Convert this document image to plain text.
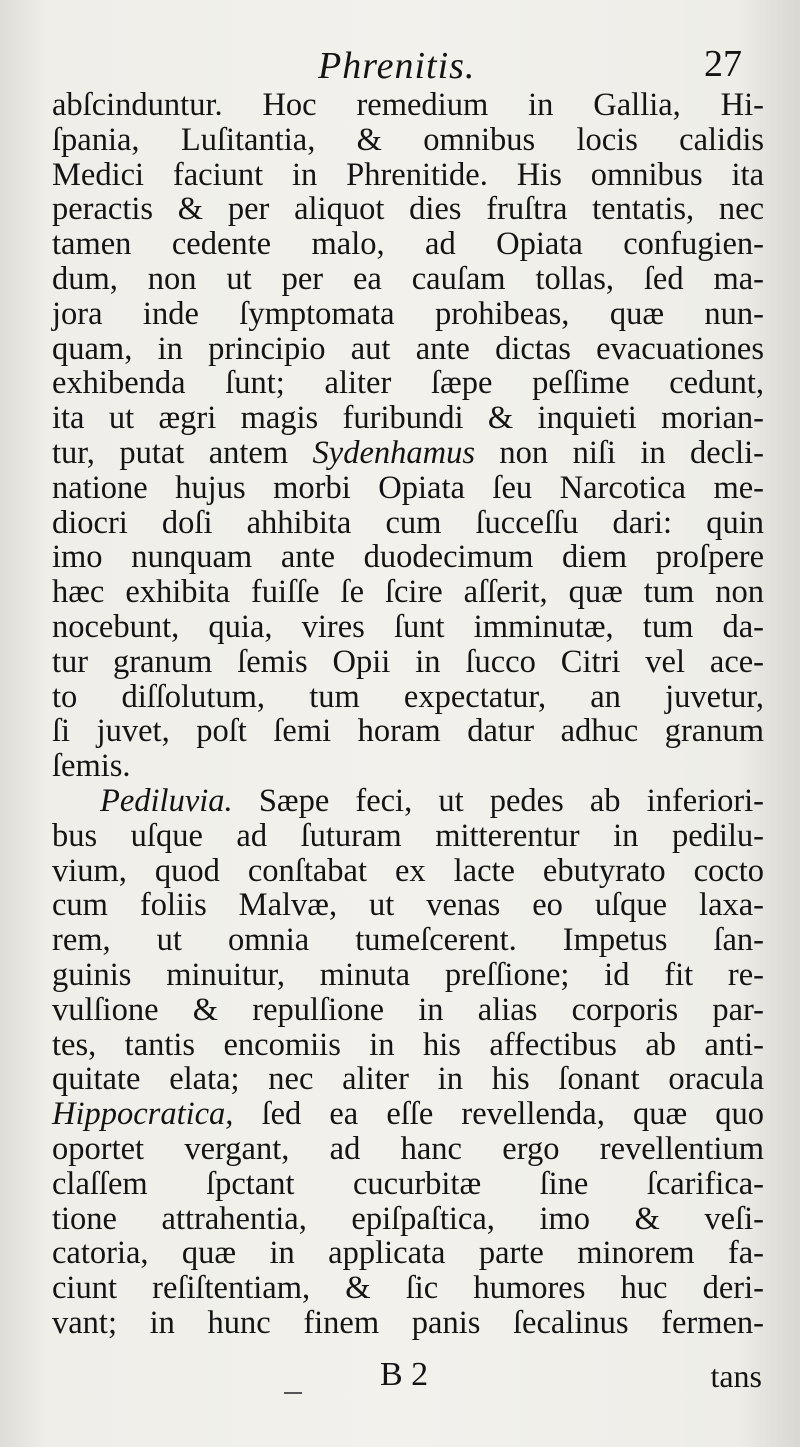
Phrenitis.	27
abſcinduntur. Hoc remedium in Gallia, Hi-
ſpania, Luſitantia, & omnibus locis calidis
Medici faciunt in Phrenitide. His omnibus ita
peractis & per aliquot dies fruſtra tentatis, nec
tamen cedente malo, ad Opiata confugien-
dum, non ut per ea cauſam tollas, ſed ma-
jora inde ſymptomata prohibeas, quæ nun-
quam, in principio aut ante dictas evacuationes
exhibenda ſunt; aliter ſæpe peſſime cedunt,
ita ut ægri magis furibundi & inquieti morian-
tur, putat antem Sydenhamus non niſi in decli-
natione hujus morbi Opiata ſeu Narcotica me-
diocri doſi ahhibita cum ſucceſſu dari: quin
imo nunquam ante duodecimum diem proſpere
hæc exhibita fuiſſe ſe ſcire aſſerit, quæ tum non
nocebunt, quia, vires ſunt imminutæ, tum da-
tur granum ſemis Opii in ſucco Citri vel ace-
to diſſolutum, tum expectatur, an juvetur,
ſi juvet, poſt ſemi horam datur adhuc granum
ſemis.
Pediluvia. Sæpe feci, ut pedes ab inferiori-
bus uſque ad ſuturam mitterentur in pedilu-
vium, quod conſtabat ex lacte ebutyrato cocto
cum foliis Malvæ, ut venas eo uſque laxa-
rem, ut omnia tumeſcerent. Impetus ſan-
guinis minuitur, minuta preſſione; id fit re-
vulſione & repulſione in alias corporis par-
tes, tantis encomiis in his affectibus ab anti-
quitate elata; nec aliter in his ſonant oracula
Hippocratica, ſed ea eſſe revellenda, quæ quo
oportet vergant, ad hanc ergo revellentium
claſſem ſpctant cucurbitæ ſine ſcarifica-
tione attrahentia, epiſpaſtica, imo & veſi-
catoria, quæ in applicata parte minorem fa-
ciunt reſiſtentiam, & ſic humores huc deri-
vant; in hunc finem panis ſecalinus fermen-
B 2	tans
